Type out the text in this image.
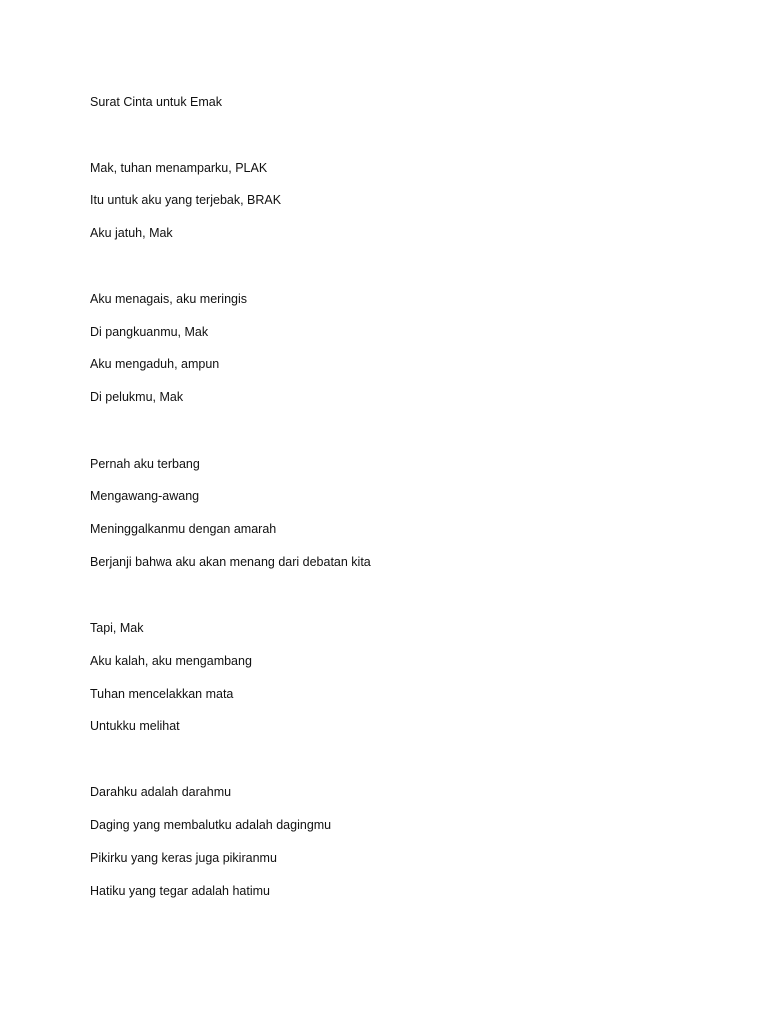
Surat Cinta untuk Emak
Mak, tuhan menamparku, PLAK
Itu untuk aku yang terjebak, BRAK
Aku jatuh, Mak
Aku menagais, aku meringis
Di pangkuanmu, Mak
Aku mengaduh, ampun
Di pelukmu, Mak
Pernah aku terbang
Mengawang-awang
Meninggalkanmu dengan amarah
Berjanji bahwa aku akan menang dari debatan kita
Tapi, Mak
Aku kalah, aku mengambang
Tuhan mencelakkan mata
Untukku melihat
Darahku adalah darahmu
Daging yang membalutku adalah dagingmu
Pikirku yang keras juga pikiranmu
Hatiku yang tegar adalah hatimu
